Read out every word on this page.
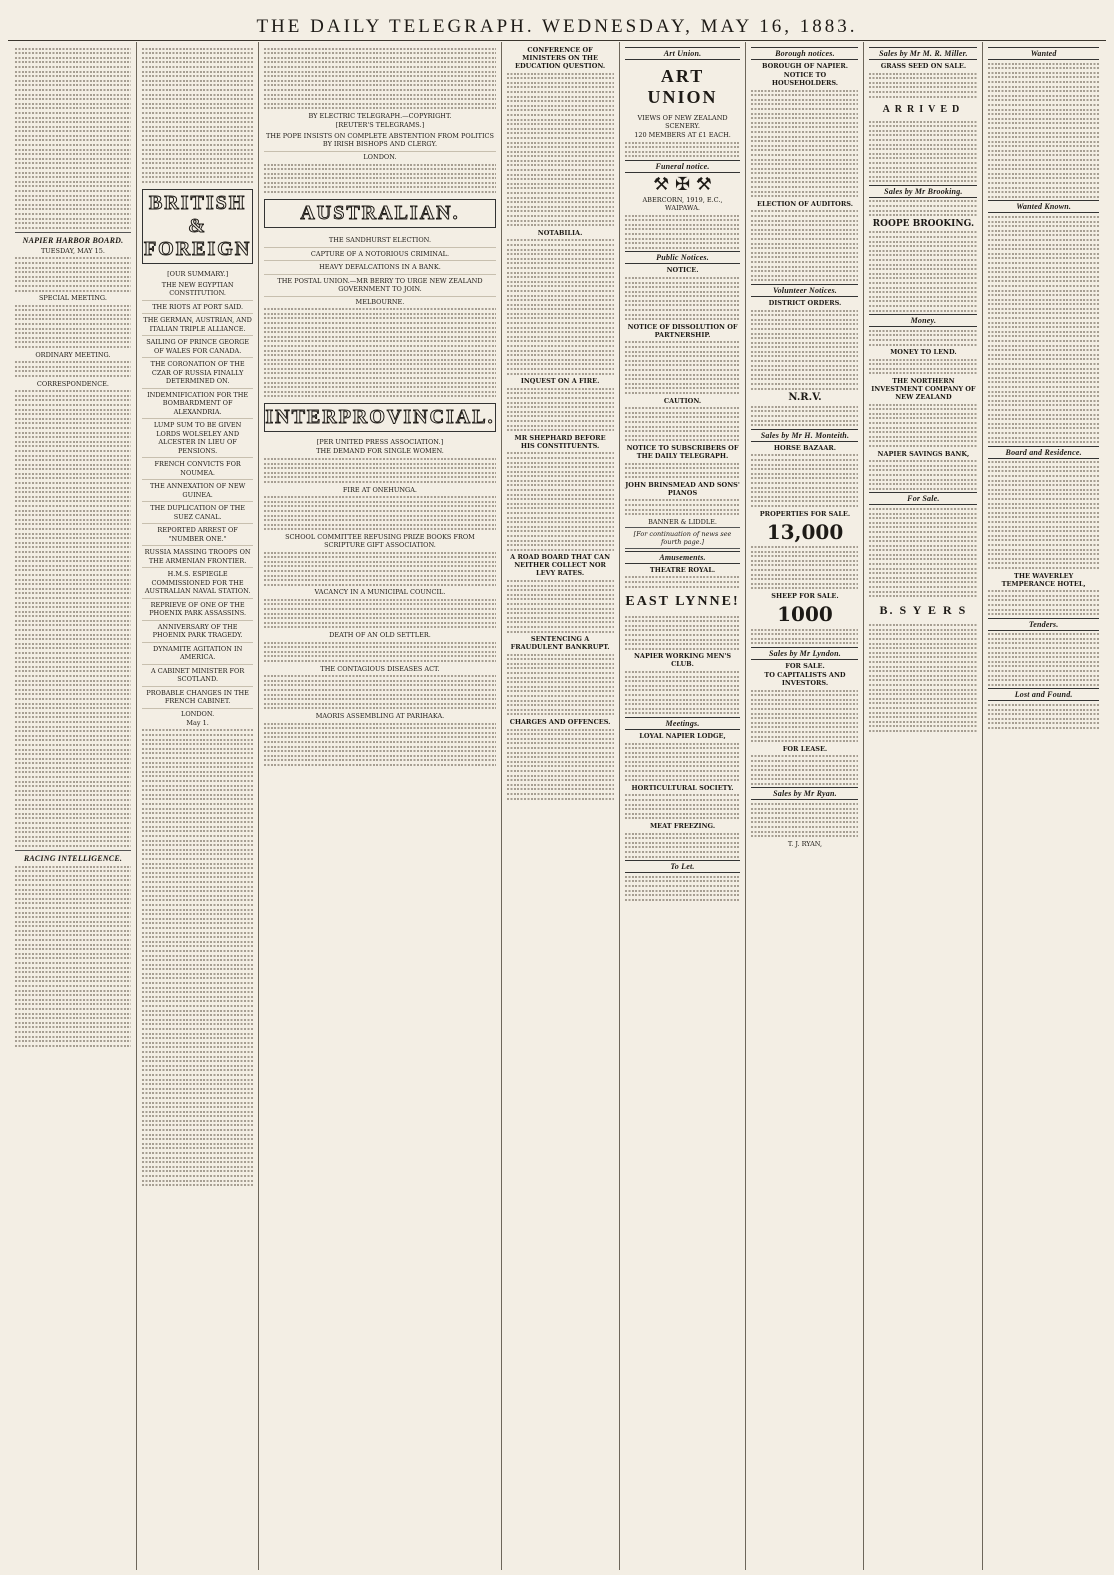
THE DAILY TELEGRAPH. WEDNESDAY, MAY 16, 1883.

NAPIER HARBOR BOARD.
TUESDAY, MAY 15.
SPECIAL MEETING.
ORDINARY MEETING.
CORRESPONDENCE.
RACING INTELLIGENCE.
BRITISH & FOREIGN
[OUR SUMMARY.]
THE NEW EGYPTIAN CONSTITUTION.
THE RIOTS AT PORT SAID.
THE GERMAN, AUSTRIAN, AND ITALIAN TRIPLE ALLIANCE.
SAILING OF PRINCE GEORGE OF WALES FOR CANADA.
THE CORONATION OF THE CZAR OF RUSSIA FINALLY DETERMINED ON.
INDEMNIFICATION FOR THE BOMBARDMENT OF ALEXANDRIA.
LUMP SUM TO BE GIVEN LORDS WOLSELEY AND ALCESTER IN LIEU OF PENSIONS.
FRENCH CONVICTS FOR NOUMEA.
THE ANNEXATION OF NEW GUINEA.
THE DUPLICATION OF THE SUEZ CANAL.
REPORTED ARREST OF "NUMBER ONE."
RUSSIA MASSING TROOPS ON THE ARMENIAN FRONTIER.
H.M.S. ESPIEGLE COMMISSIONED FOR THE AUSTRALIAN NAVAL STATION.
REPRIEVE OF ONE OF THE PHOENIX PARK ASSASSINS.
ANNIVERSARY OF THE PHOENIX PARK TRAGEDY.
DYNAMITE AGITATION IN AMERICA.
A CABINET MINISTER FOR SCOTLAND.
PROBABLE CHANGES IN THE FRENCH CABINET.
LONDON.
May 1.
BY ELECTRIC TELEGRAPH.—COPYRIGHT.
[REUTER'S TELEGRAMS.]
THE POPE INSISTS ON COMPLETE ABSTENTION FROM POLITICS BY IRISH BISHOPS AND CLERGY.
LONDON.
AUSTRALIAN.
THE SANDHURST ELECTION.
CAPTURE OF A NOTORIOUS CRIMINAL.
HEAVY DEFALCATIONS IN A BANK.
THE POSTAL UNION.—MR BERRY TO URGE NEW ZEALAND GOVERNMENT TO JOIN.
MELBOURNE.
INTERPROVINCIAL.
[PER UNITED PRESS ASSOCIATION.]
THE DEMAND FOR SINGLE WOMEN.
FIRE AT ONEHUNGA.
SCHOOL COMMITTEE REFUSING PRIZE BOOKS FROM SCRIPTURE GIFT ASSOCIATION.
VACANCY IN A MUNICIPAL COUNCIL.
DEATH OF AN OLD SETTLER.
THE CONTAGIOUS DISEASES ACT.
MAORIS ASSEMBLING AT PARIHAKA.
CONFERENCE OF MINISTERS ON THE EDUCATION QUESTION.
NOTABILIA.
INQUEST ON A FIRE.
MR SHEPHARD BEFORE HIS CONSTITUENTS.
A ROAD BOARD THAT CAN NEITHER COLLECT NOR LEVY RATES.
SENTENCING A FRAUDULENT BANKRUPT.
CHARGES AND OFFENCES.
Art Union.
ART UNION
VIEWS OF NEW ZEALAND SCENERY.
120 MEMBERS AT £1 EACH.
Funeral notice.
⚒ ✠ ⚒
ABERCORN, 1919, E.C., WAIPAWA.
Public Notices.
NOTICE.
NOTICE OF DISSOLUTION OF PARTNERSHIP.
CAUTION.
NOTICE TO SUBSCRIBERS OF THE DAILY TELEGRAPH.
JOHN BRINSMEAD AND SONS' PIANOS
BANNER & LIDDLE.
[For continuation of news see fourth page.]
Amusements.
THEATRE ROYAL.
EAST LYNNE!
NAPIER WORKING MEN'S CLUB.
Meetings.
LOYAL NAPIER LODGE,
HORTICULTURAL SOCIETY.
MEAT FREEZING.
To Let.
Borough notices.
BOROUGH OF NAPIER.
NOTICE TO HOUSEHOLDERS.
ELECTION OF AUDITORS.
Volunteer Notices.
DISTRICT ORDERS.
N.R.V.
Sales by Mr H. Monteith.
HORSE BAZAAR.
PROPERTIES FOR SALE.
13,000
SHEEP FOR SALE.
1000
Sales by Mr Lyndon.
FOR SALE.
TO CAPITALISTS AND INVESTORS.
FOR LEASE.
Sales by Mr Ryan.
T. J. RYAN,
Sales by Mr M. R. Miller.
GRASS SEED ON SALE.
ARRIVED
Sales by Mr Brooking.
ROOPE BROOKING.
Money.
MONEY TO LEND.
THE NORTHERN INVESTMENT COMPANY OF NEW ZEALAND
NAPIER SAVINGS BANK,
For Sale.
B. S Y E R S
Wanted
Wanted Known.
Board and Residence.
THE WAVERLEY TEMPERANCE HOTEL,
Tenders.
Lost and Found.
